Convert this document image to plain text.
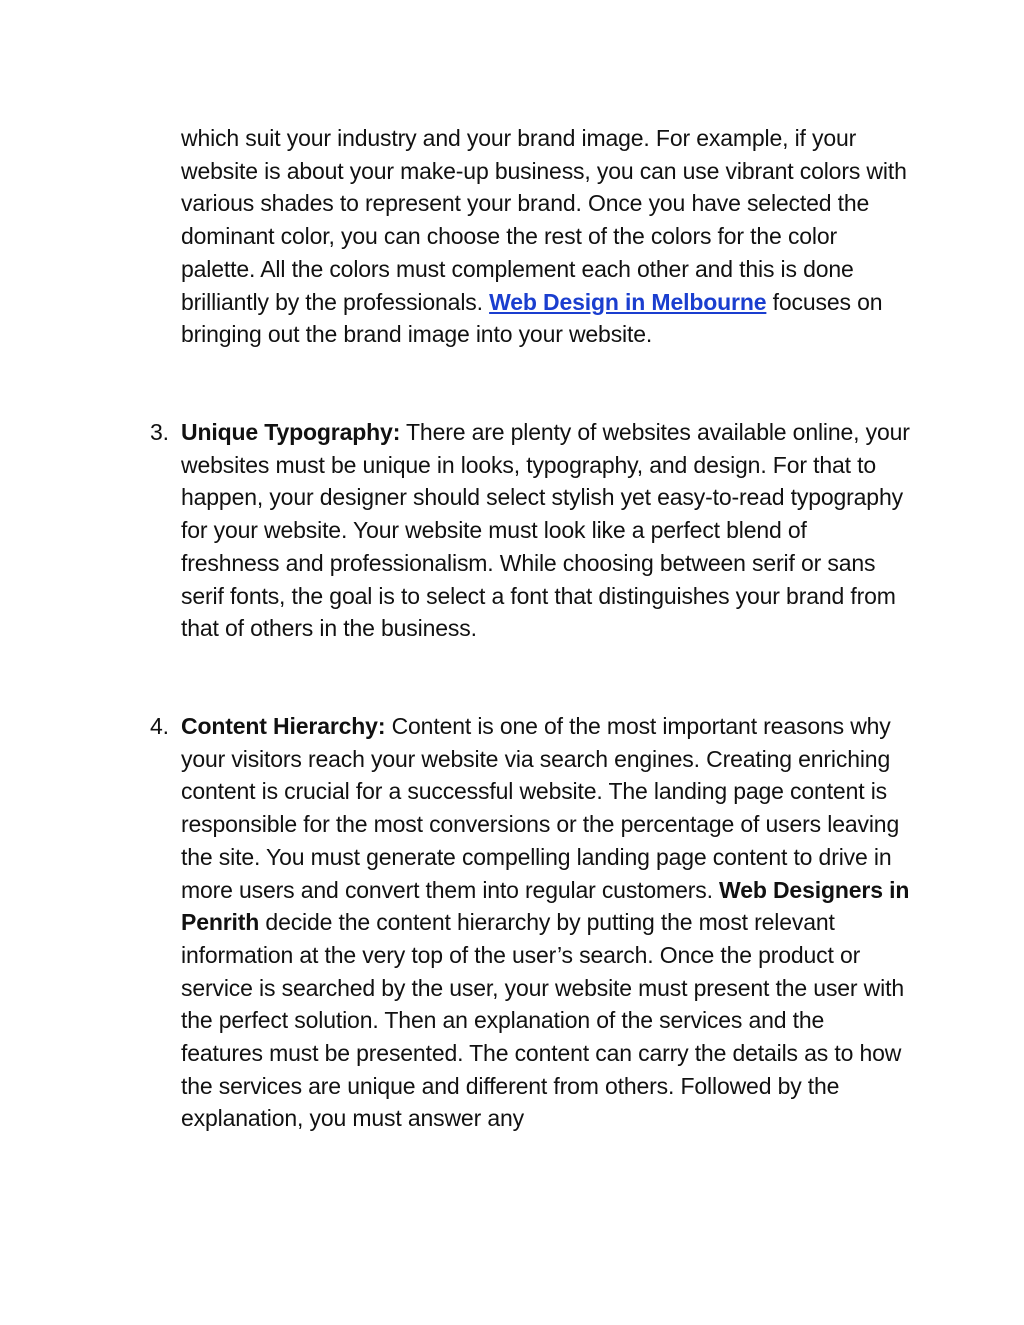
which suit your industry and your brand image. For example, if your website is about your make-up business, you can use vibrant colors with various shades to represent your brand. Once you have selected the dominant color, you can choose the rest of the colors for the color palette. All the colors must complement each other and this is done brilliantly by the professionals. Web Design in Melbourne focuses on bringing out the brand image into your website.

3. Unique Typography: There are plenty of websites available online, your websites must be unique in looks, typography, and design. For that to happen, your designer should select stylish yet easy-to-read typography for your website. Your website must look like a perfect blend of freshness and professionalism. While choosing between serif or sans serif fonts, the goal is to select a font that distinguishes your brand from that of others in the business.
4. Content Hierarchy: Content is one of the most important reasons why your visitors reach your website via search engines. Creating enriching content is crucial for a successful website. The landing page content is responsible for the most conversions or the percentage of users leaving the site. You must generate compelling landing page content to drive in more users and convert them into regular customers. Web Designers in Penrith decide the content hierarchy by putting the most relevant information at the very top of the user’s search. Once the product or service is searched by the user, your website must present the user with the perfect solution. Then an explanation of the services and the features must be presented. The content can carry the details as to how the services are unique and different from others. Followed by the explanation, you must answer any
